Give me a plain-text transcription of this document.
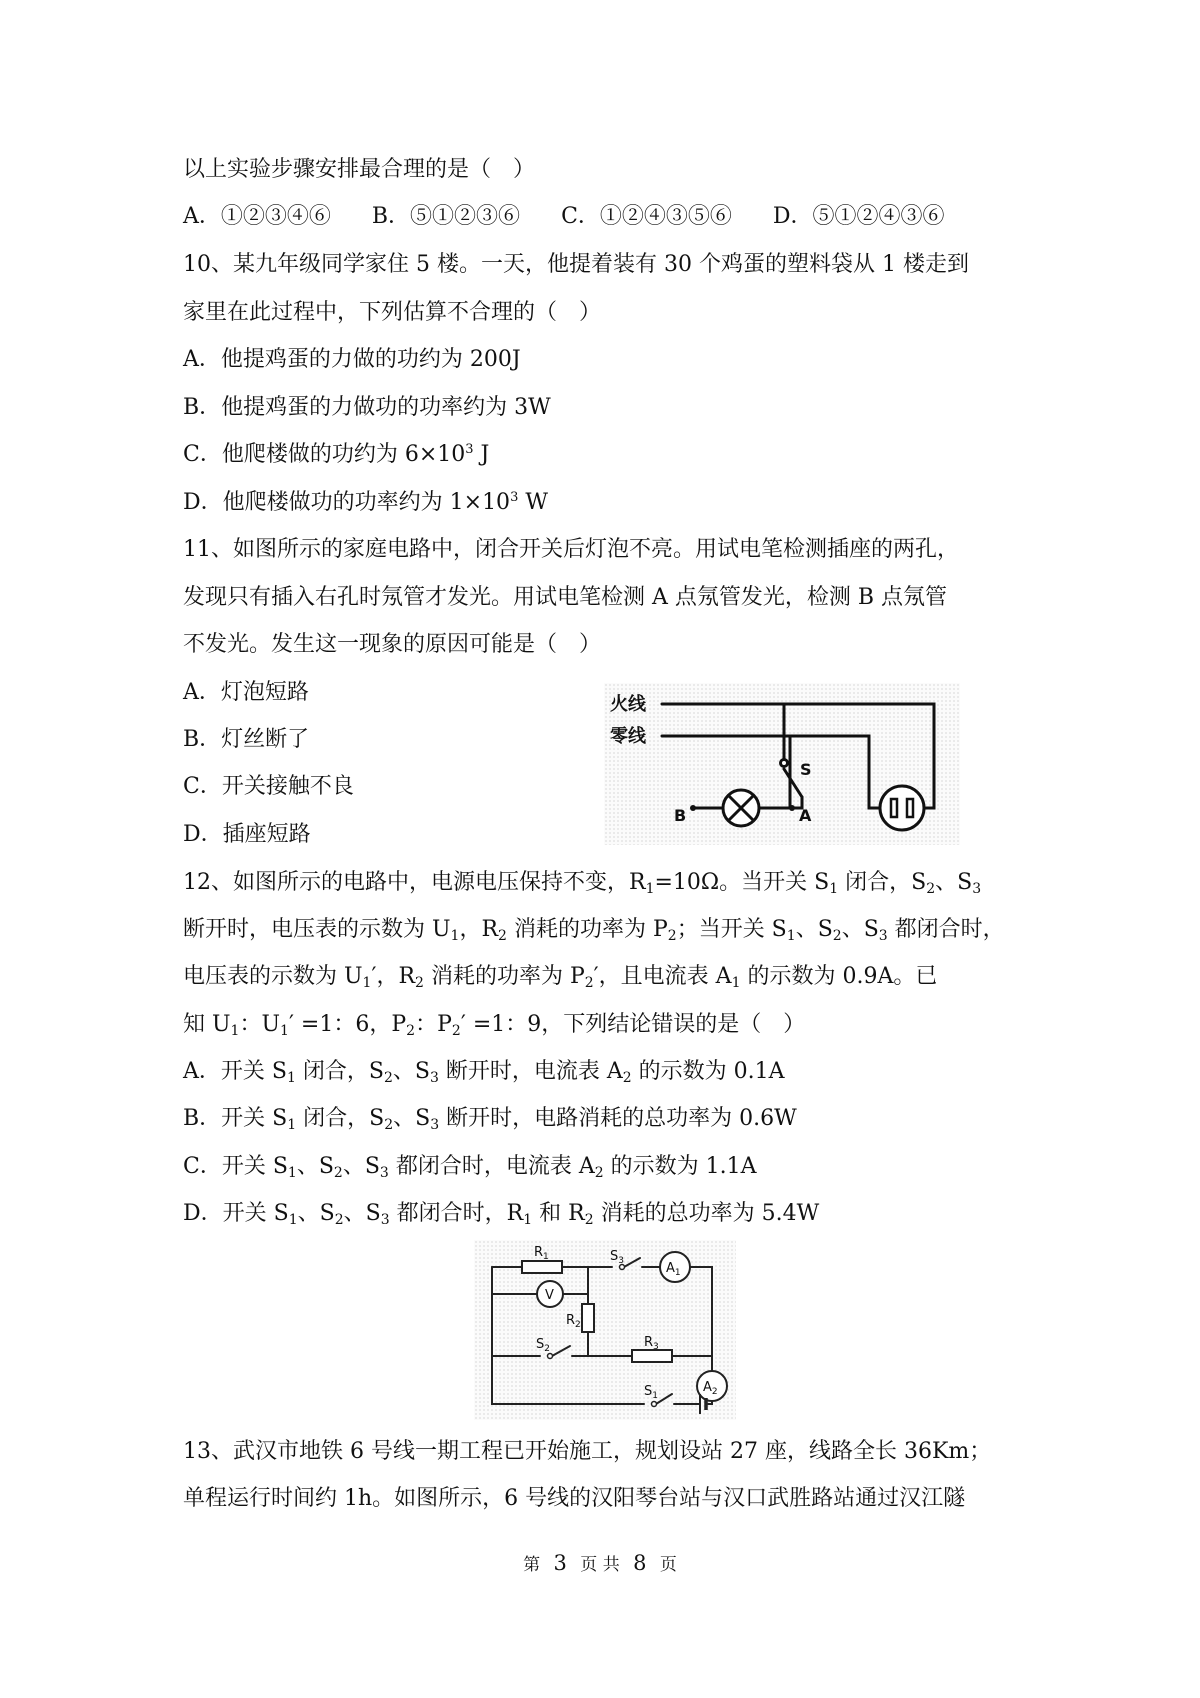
以上实验步骤安排最合理的是（　）
A．①②③④⑥ B．⑤①②③⑥ C．①②④③⑤⑥ D．⑤①②④③⑥
10、某九年级同学家住 5 楼。一天，他提着装有 30 个鸡蛋的塑料袋从 1 楼走到
家里在此过程中，下列估算不合理的（　）
A．他提鸡蛋的力做的功约为 200J
B．他提鸡蛋的力做功的功率约为 3W
C．他爬楼做的功约为 $6\times 10^3$ J
D．他爬楼做功的功率约为 $1\times 10^3$ W
11、如图所示的家庭电路中，闭合开关后灯泡不亮。用试电笔检测插座的两孔，
发现只有插入右孔时氖管才发光。用试电笔检测 A 点氖管发光，检测 B 点氖管
不发光。发生这一现象的原因可能是（　）
A．灯泡短路
B．灯丝断了
C．开关接触不良
D．插座短路
火线
零线
S
A
B
12、如图所示的电路中，电源电压保持不变，$R_1=10\Omega$。当开关 $S_1$ 闭合，$S_2$、$S_3$
断开时，电压表的示数为 $U_1$，$R_2$ 消耗的功率为 $P_2$；当开关 $S_1$、$S_2$、$S_3$ 都闭合时，
电压表的示数为 $U_1'$，$R_2$ 消耗的功率为 $P_2'$，且电流表 $A_1$ 的示数为 0.9A。已
知 $U_1$：$U_1' =1$：6，$P_2$：$P_2' =1$：9，下列结论错误的是（　）
A．开关 $S_1$ 闭合，$S_2$、$S_3$ 断开时，电流表 $A_2$ 的示数为 0.1A
B．开关 $S_1$ 闭合，$S_2$、$S_3$ 断开时，电路消耗的总功率为 0.6W
C．开关 $S_1$、$S_2$、$S_3$ 都闭合时，电流表 $A_2$ 的示数为 1.1A
D．开关 $S_1$、$S_2$、$S_3$ 都闭合时，$R_1$ 和 $R_2$ 消耗的总功率为 5.4W
$R_1$	$S_3$	$A_1$
V
$R_2$
$S_2$	$R_3$
$A_2$
$S_1$
13、武汉市地铁 6 号线一期工程已开始施工，规划设站 27 座，线路全长 36Km；
单程运行时间约 1h。如图所示，6 号线的汉阳琴台站与汉口武胜路站通过汉江隧
第 3 页 共 8 页
